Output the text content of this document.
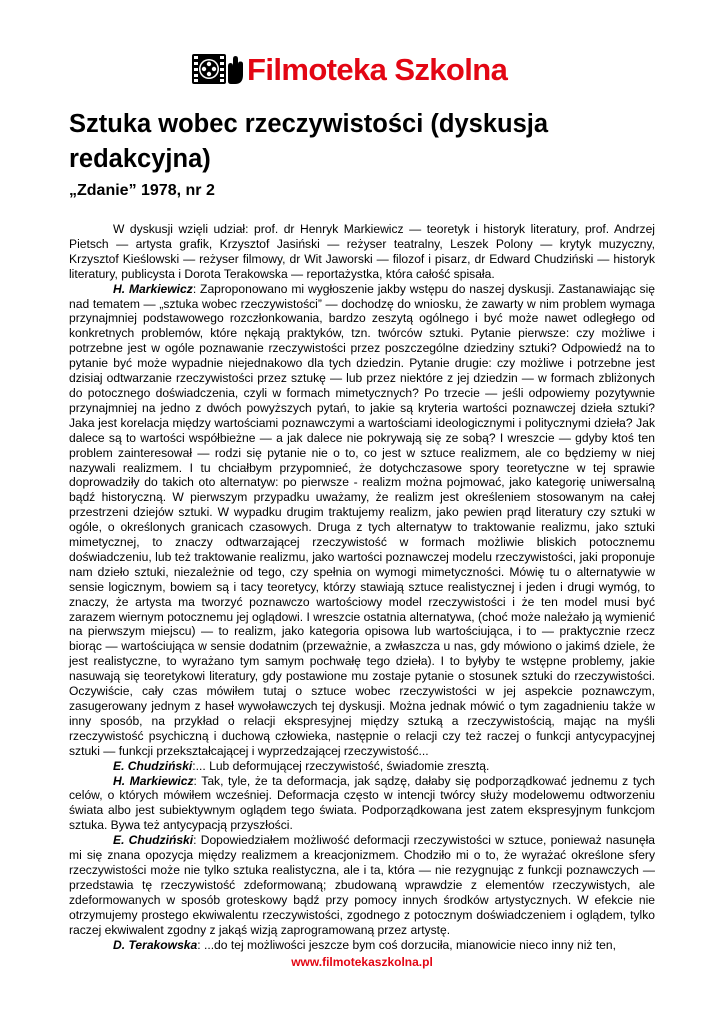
Filmoteka Szkolna
Sztuka wobec rzeczywistości (dyskusja redakcyjna)
„Zdanie” 1978, nr 2

W dyskusji wzięli udział: prof. dr Henryk Markiewicz — teoretyk i historyk literatury, prof. Andrzej Pietsch — artysta grafik, Krzysztof Jasiński — reżyser teatralny, Leszek Polony — krytyk muzyczny, Krzysztof Kieślowski — reżyser filmowy, dr Wit Jaworski — filozof i pisarz, dr Edward Chudziński — historyk literatury, publicysta i Dorota Terakowska — reportażystka, która całość spisała.

H. Markiewicz: Zaproponowano mi wygłoszenie jakby wstępu do naszej dyskusji. Zastanawiając się nad tematem — „sztuka wobec rzeczywistości” — dochodzę do wniosku, że zawarty w nim problem wymaga przynajmniej podstawowego rozczłonkowania, bardzo zeszytą ogólnego i być może nawet odległego od konkretnych problemów, które nękają praktyków, tzn. twórców sztuki. Pytanie pierwsze: czy możliwe i potrzebne jest w ogóle poznawanie rzeczywistości przez poszczególne dziedziny sztuki? Odpowiedź na to pytanie być może wypadnie niejednakowo dla tych dziedzin. Pytanie drugie: czy możliwe i potrzebne jest dzisiaj odtwarzanie rzeczywistości przez sztukę — lub przez niektóre z jej dziedzin — w formach zbliżonych do potocznego doświadczenia, czyli w formach mimetycznych? Po trzecie — jeśli odpowiemy pozytywnie przynajmniej na jedno z dwóch powyższych pytań, to jakie są kryteria wartości poznawczej dzieła sztuki? Jaka jest korelacja między wartościami poznawczymi a wartościami ideologicznymi i politycznymi dzieła? Jak dalece są to wartości współbieżne — a jak dalece nie pokrywają się ze sobą? I wreszcie — gdyby ktoś ten problem zainteresował — rodzi się pytanie nie o to, co jest w sztuce realizmem, ale co będziemy w niej nazywali realizmem. I tu chciałbym przypomnieć, że dotychczasowe spory teoretyczne w tej sprawie doprowadziły do takich oto alternatyw: po pierwsze - realizm można pojmować, jako kategorię uniwersalną bądź historyczną. W pierwszym przypadku uważamy, że realizm jest określeniem stosowanym na całej przestrzeni dziejów sztuki. W wypadku drugim traktujemy realizm, jako pewien prąd literatury czy sztuki w ogóle, o określonych granicach czasowych. Druga z tych alternatyw to traktowanie realizmu, jako sztuki mimetycznej, to znaczy odtwarzającej rzeczywistość w formach możliwie bliskich potocznemu doświadczeniu, lub też traktowanie realizmu, jako wartości poznawczej modelu rzeczywistości, jaki proponuje nam dzieło sztuki, niezależnie od tego, czy spełnia on wymogi mimetyczności. Mówię tu o alternatywie w sensie logicznym, bowiem są i tacy teoretycy, którzy stawiają sztuce realistycznej i jeden i drugi wymóg, to znaczy, że artysta ma tworzyć poznawczo wartościowy model rzeczywistości i że ten model musi być zarazem wiernym potocznemu jej oglądowi. I wreszcie ostatnia alternatywa, (choć może należało ją wymienić na pierwszym miejscu) — to realizm, jako kategoria opisowa lub wartościująca, i to — praktycznie rzecz biorąc — wartościująca w sensie dodatnim (przeważnie, a zwłaszcza u nas, gdy mówiono o jakimś dziele, że jest realistyczne, to wyrażano tym samym pochwałę tego dzieła). I to byłyby te wstępne problemy, jakie nasuwają się teoretykowi literatury, gdy postawione mu zostaje pytanie o stosunek sztuki do rzeczywistości. Oczywiście, cały czas mówiłem tutaj o sztuce wobec rzeczywistości w jej aspekcie poznawczym, zasugerowany jednym z haseł wywoławczych tej dyskusji. Można jednak mówić o tym zagadnieniu także w inny sposób, na przykład o relacji ekspresyjnej między sztuką a rzeczywistością, mając na myśli rzeczywistość psychiczną i duchową człowieka, następnie o relacji czy też raczej o funkcji antycypacyjnej sztuki — funkcji przekształcającej i wyprzedzającej rzeczywistość...

E. Chudziński:... Lub deformującej rzeczywistość, świadomie zresztą.

H. Markiewicz: Tak, tyle, że ta deformacja, jak sądzę, dałaby się podporządkować jednemu z tych celów, o których mówiłem wcześniej. Deformacja często w intencji twórcy służy modelowemu odtworzeniu świata albo jest subiektywnym oglądem tego świata. Podporządkowana jest zatem ekspresyjnym funkcjom sztuka. Bywa też antycypacją przyszłości.

E. Chudziński: Dopowiedziałem możliwość deformacji rzeczywistości w sztuce, ponieważ nasunęła mi się znana opozycja między realizmem a kreacjonizmem. Chodziło mi o to, że wyrażać określone sfery rzeczywistości może nie tylko sztuka realistyczna, ale i ta, która — nie rezygnując z funkcji poznawczych — przedstawia tę rzeczywistość zdeformowaną; zbudowaną wprawdzie z elementów rzeczywistych, ale zdeformowanych w sposób groteskowy bądź przy pomocy innych środków artystycznych. W efekcie nie otrzymujemy prostego ekwiwalentu rzeczywistości, zgodnego z potocznym doświadczeniem i oglądem, tylko raczej ekwiwalent zgodny z jakąś wizją zaprogramowaną przez artystę.

D. Terakowska: ...do tej możliwości jeszcze bym coś dorzuciła, mianowicie nieco inny niż ten,

www.filmotekaszkolna.pl
